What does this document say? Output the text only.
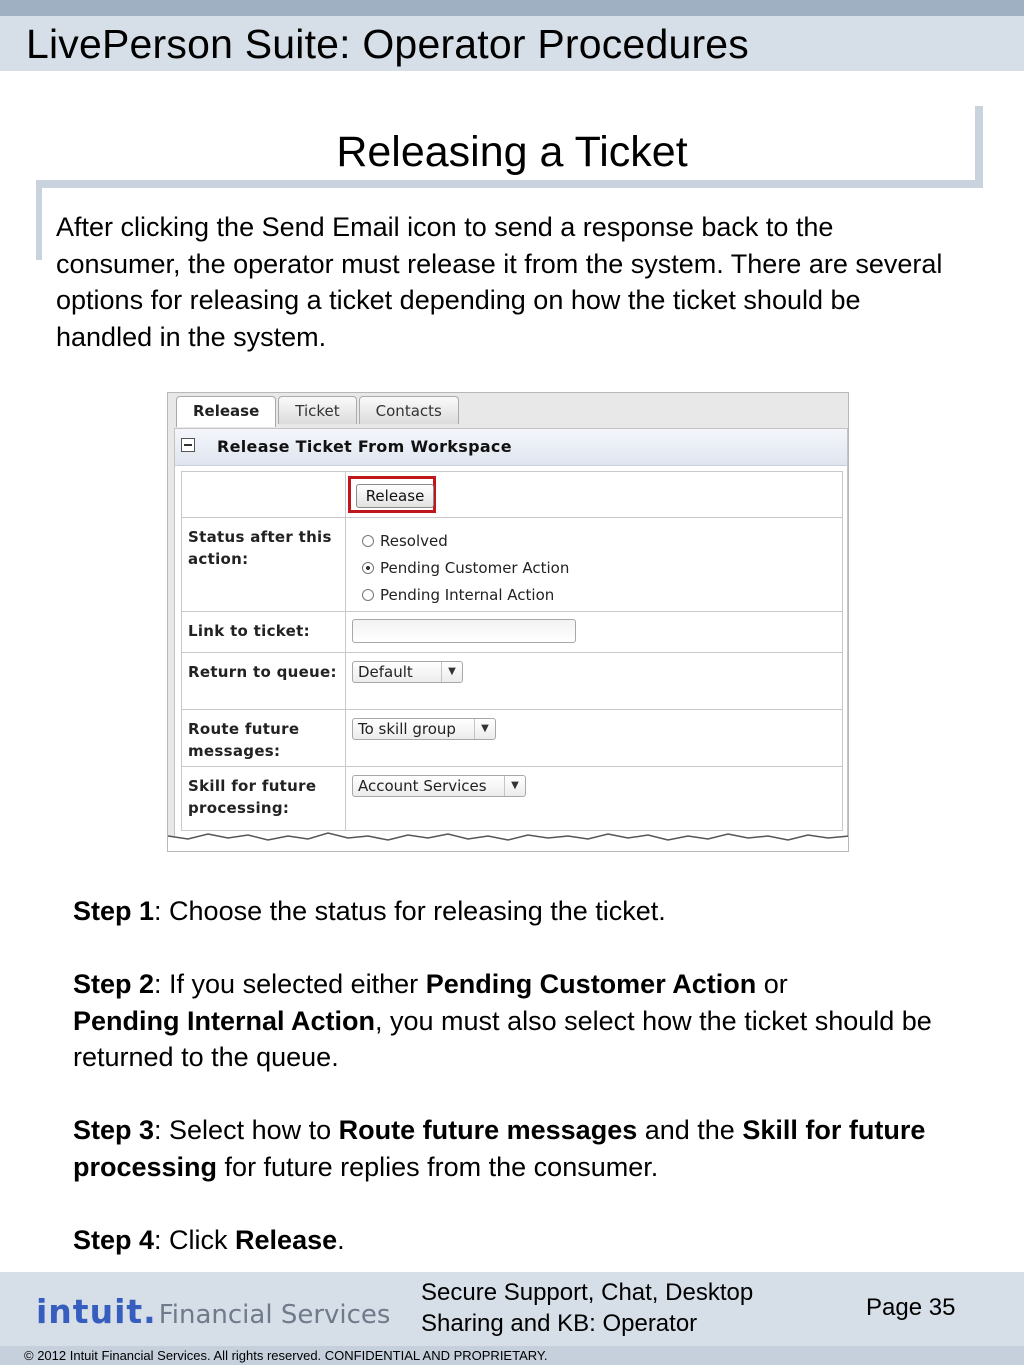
LivePerson Suite: Operator Procedures
Releasing a Ticket
After clicking the Send Email icon to send a response back to the consumer, the operator must release it from the system. There are several options for releasing a ticket depending on how the ticket should be handled in the system.
Release	Ticket	Contacts
Release Ticket From Workspace

	Release

Status after this action:	Resolved
Pending Customer Action
Pending Internal Action

Link to ticket:	

Return to queue:	Default ▼

Route future messages:	To skill group ▼

Skill for future processing:	Account Services ▼

Step 1: Choose the status for releasing the ticket.

Step 2: If you selected either Pending Customer Action or
Pending Internal Action, you must also select how the ticket should be returned to the queue.

Step 3: Select how to Route future messages and the Skill for future processing for future replies from the consumer.

Step 4: Click Release.

intuit.Financial Services
Secure Support, Chat, Desktop Sharing and KB: Operator
Page 35
© 2012 Intuit Financial Services. All rights reserved. CONFIDENTIAL AND PROPRIETARY.
